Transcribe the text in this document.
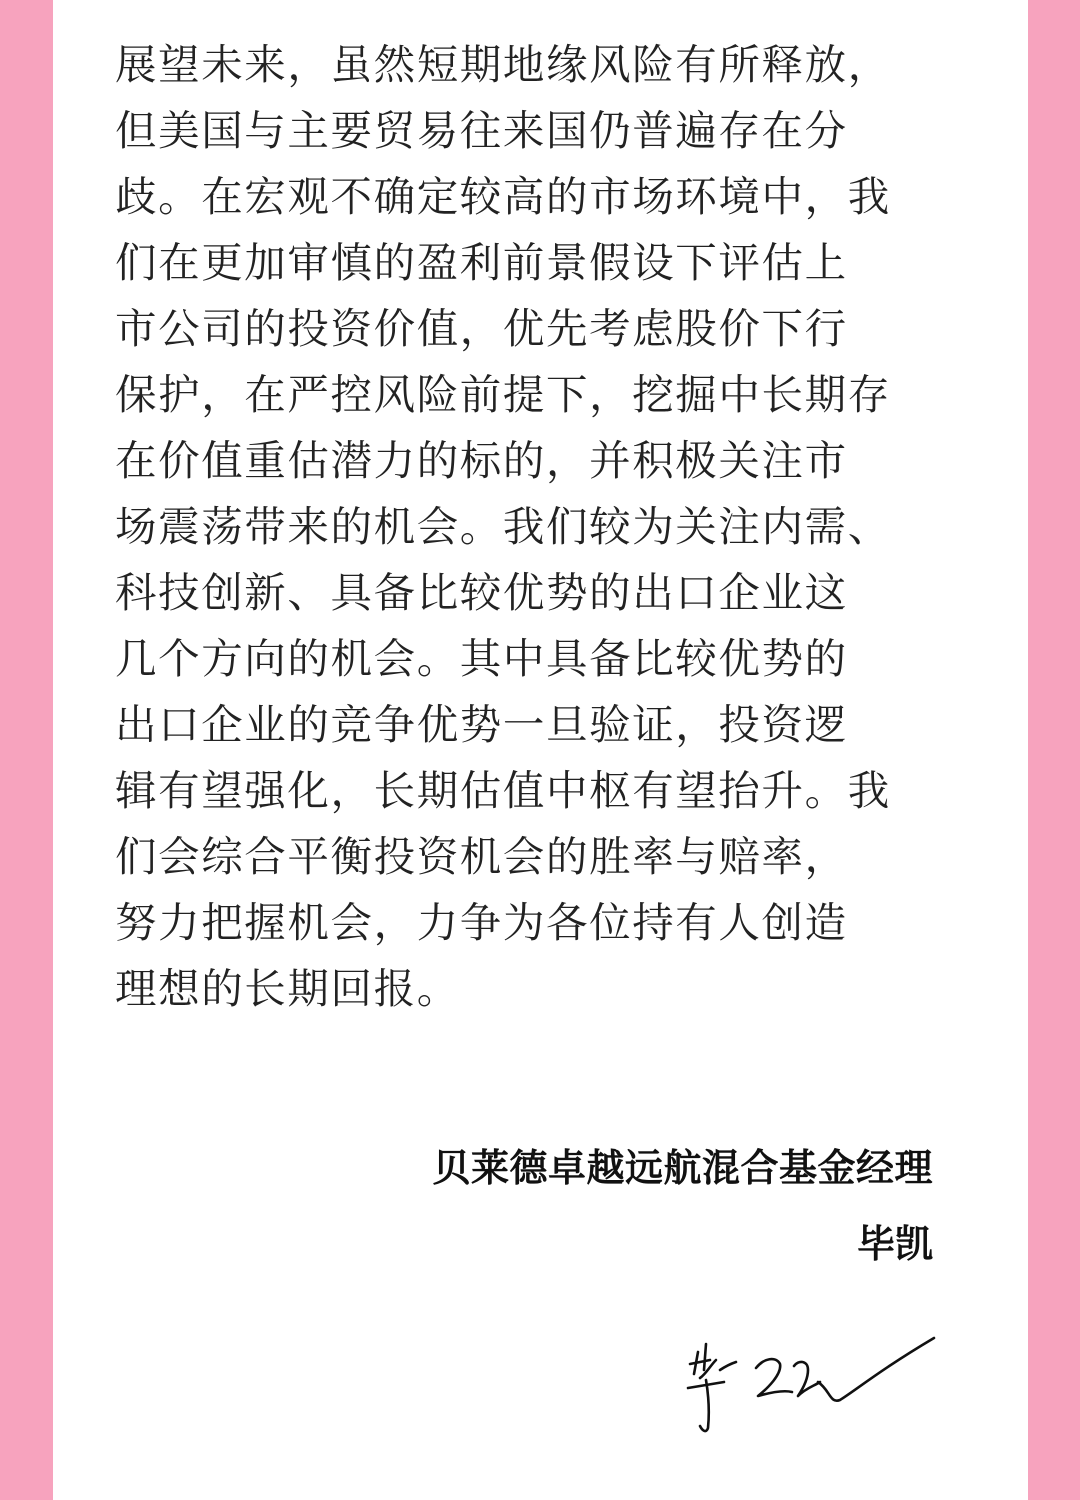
展望未来，虽然短期地缘风险有所释放，
但美国与主要贸易往来国仍普遍存在分
歧。在宏观不确定较高的市场环境中，我
们在更加审慎的盈利前景假设下评估上
市公司的投资价值，优先考虑股价下行
保护，在严控风险前提下，挖掘中长期存
在价值重估潜力的标的，并积极关注市
场震荡带来的机会。我们较为关注内需、
科技创新、具备比较优势的出口企业这
几个方向的机会。其中具备比较优势的
出口企业的竞争优势一旦验证，投资逻
辑有望强化，长期估值中枢有望抬升。我
们会综合平衡投资机会的胜率与赔率，
努力把握机会，力争为各位持有人创造
理想的长期回报。
贝莱德卓越远航混合基金经理
毕凯
